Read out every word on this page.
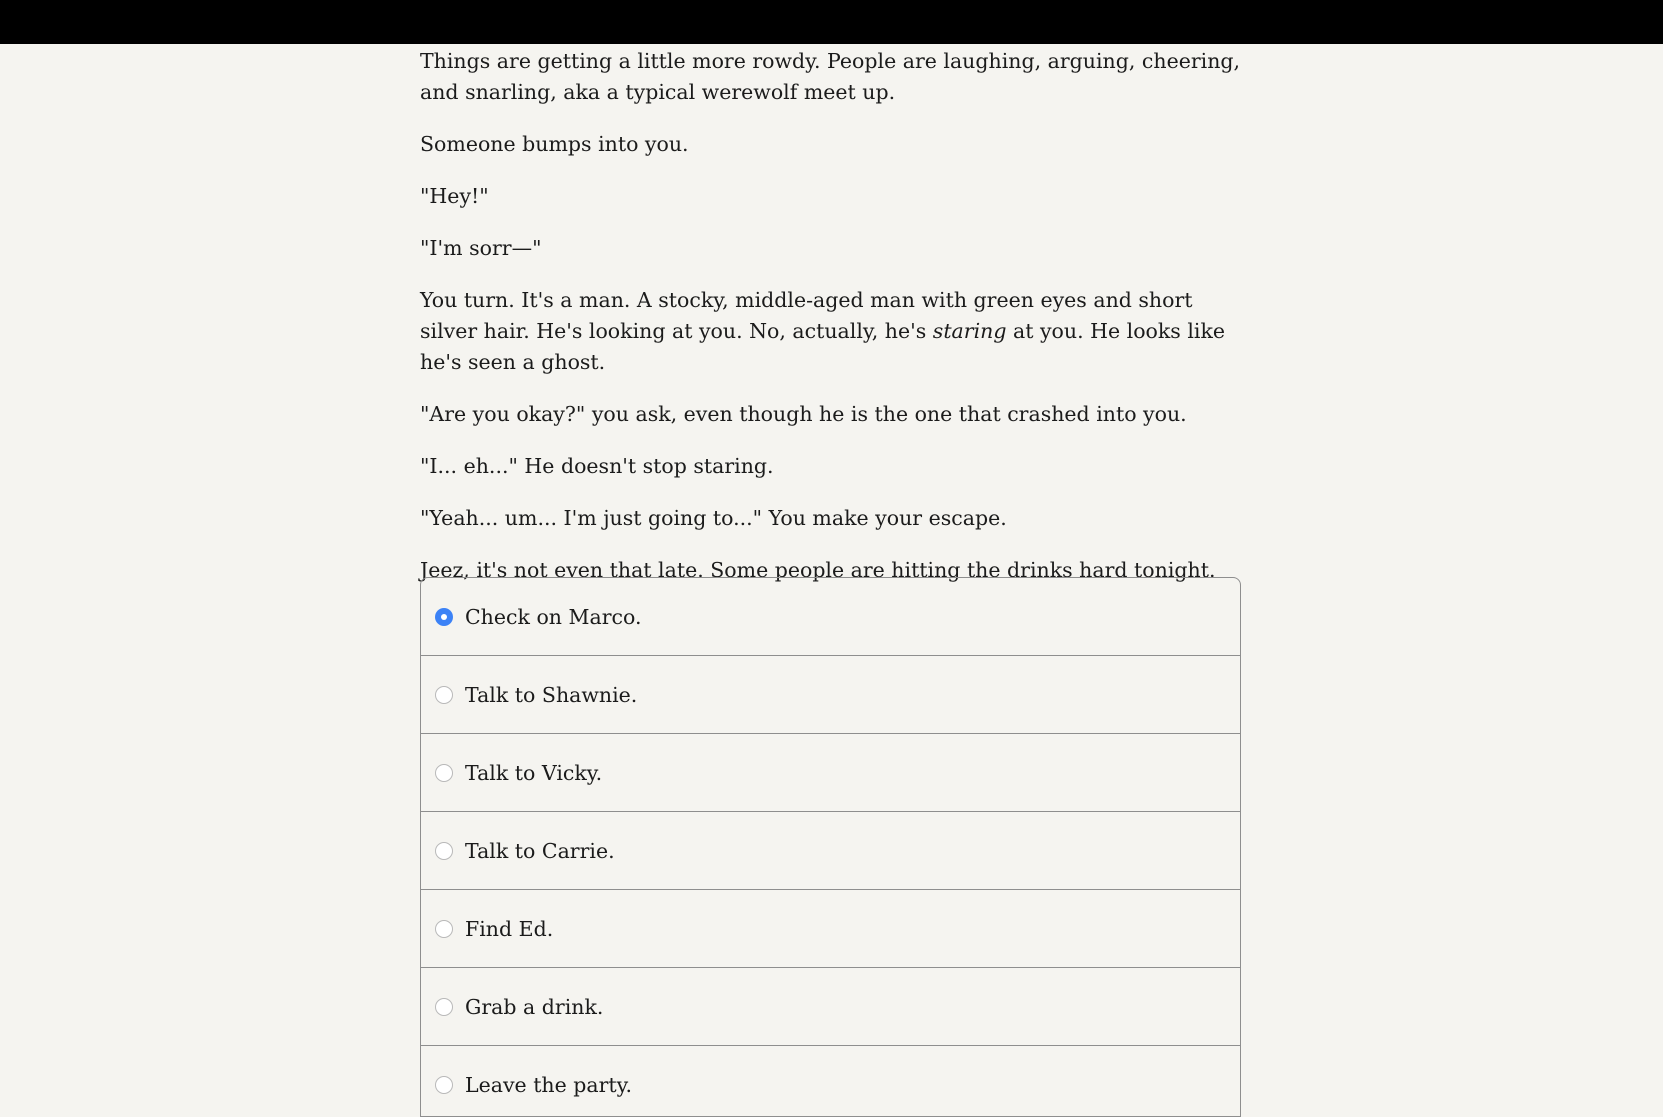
Things are getting a little more rowdy. People are laughing, arguing, cheering, and snarling, aka a typical werewolf meet up.

Someone bumps into you.

"Hey!"

"I'm sorr—"

You turn. It's a man. A stocky, middle-aged man with green eyes and short silver hair. He's looking at you. No, actually, he's staring at you. He looks like he's seen a ghost.

"Are you okay?" you ask, even though he is the one that crashed into you.

"I... eh..." He doesn't stop staring.

"Yeah... um... I'm just going to..." You make your escape.

Jeez, it's not even that late. Some people are hitting the drinks hard tonight.

Check on Marco.
Talk to Shawnie.
Talk to Vicky.
Talk to Carrie.
Find Ed.
Grab a drink.
Leave the party.
